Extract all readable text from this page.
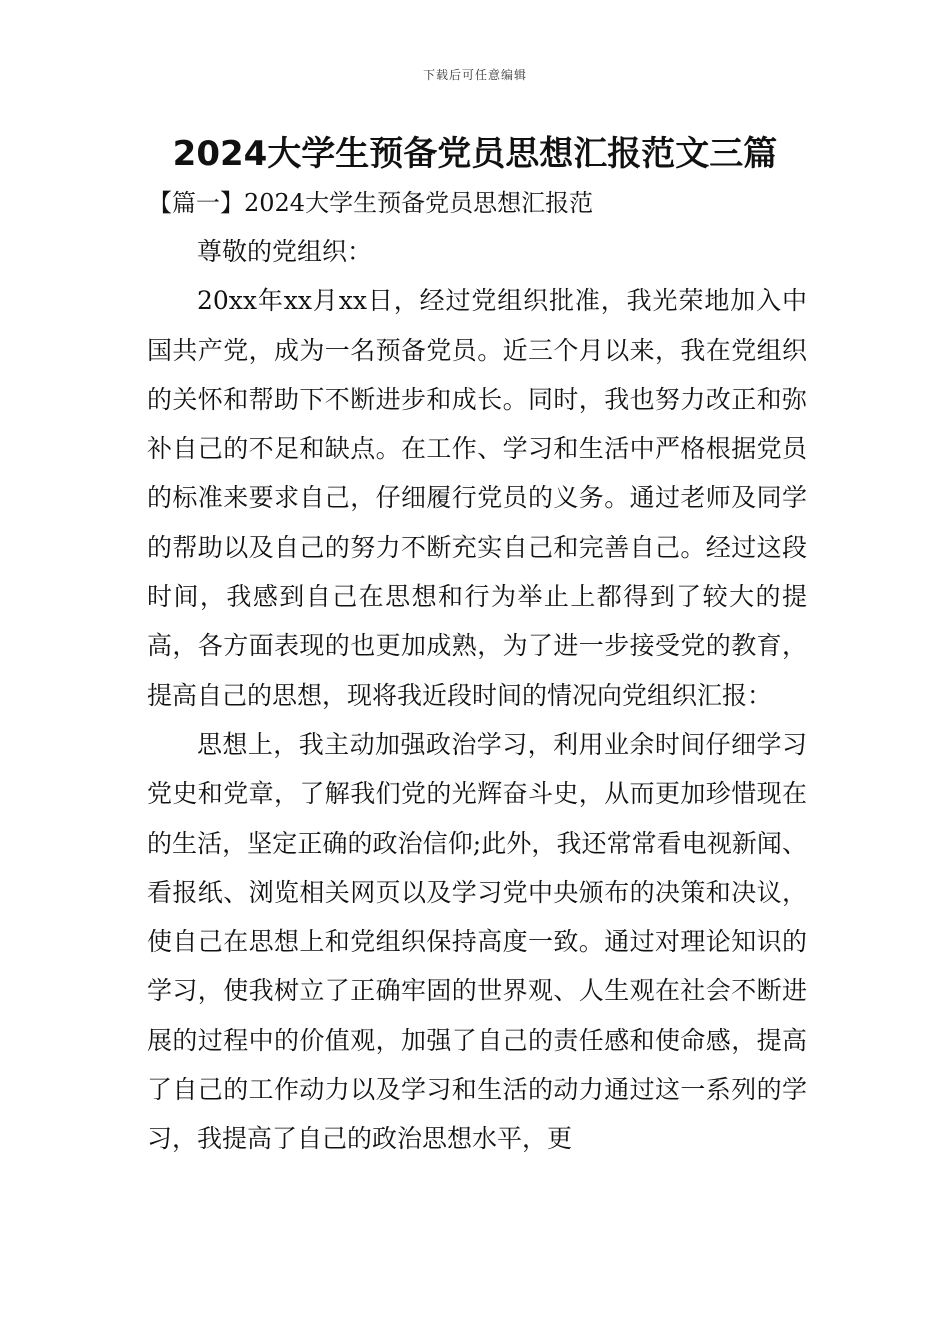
下载后可任意编辑
2024大学生预备党员思想汇报范文三篇
【篇一】2024大学生预备党员思想汇报范

尊敬的党组织：

20xx年xx月xx日，经过党组织批准，我光荣地加入中国共产党，成为一名预备党员。近三个月以来，我在党组织的关怀和帮助下不断进步和成长。同时，我也努力改正和弥补自己的不足和缺点。在工作、学习和生活中严格根据党员的标准来要求自己，仔细履行党员的义务。通过老师及同学的帮助以及自己的努力不断充实自己和完善自己。经过这段时间，我感到自己在思想和行为举止上都得到了较大的提高，各方面表现的也更加成熟，为了进一步接受党的教育，提高自己的思想，现将我近段时间的情况向党组织汇报：

思想上，我主动加强政治学习，利用业余时间仔细学习党史和党章，了解我们党的光辉奋斗史，从而更加珍惜现在的生活，坚定正确的政治信仰;此外，我还常常看电视新闻、看报纸、浏览相关网页以及学习党中央颁布的决策和决议，使自己在思想上和党组织保持高度一致。通过对理论知识的学习，使我树立了正确牢固的世界观、人生观在社会不断进展的过程中的价值观，加强了自己的责任感和使命感，提高了自己的工作动力以及学习和生活的动力通过这一系列的学习，我提高了自己的政治思想水平，更
